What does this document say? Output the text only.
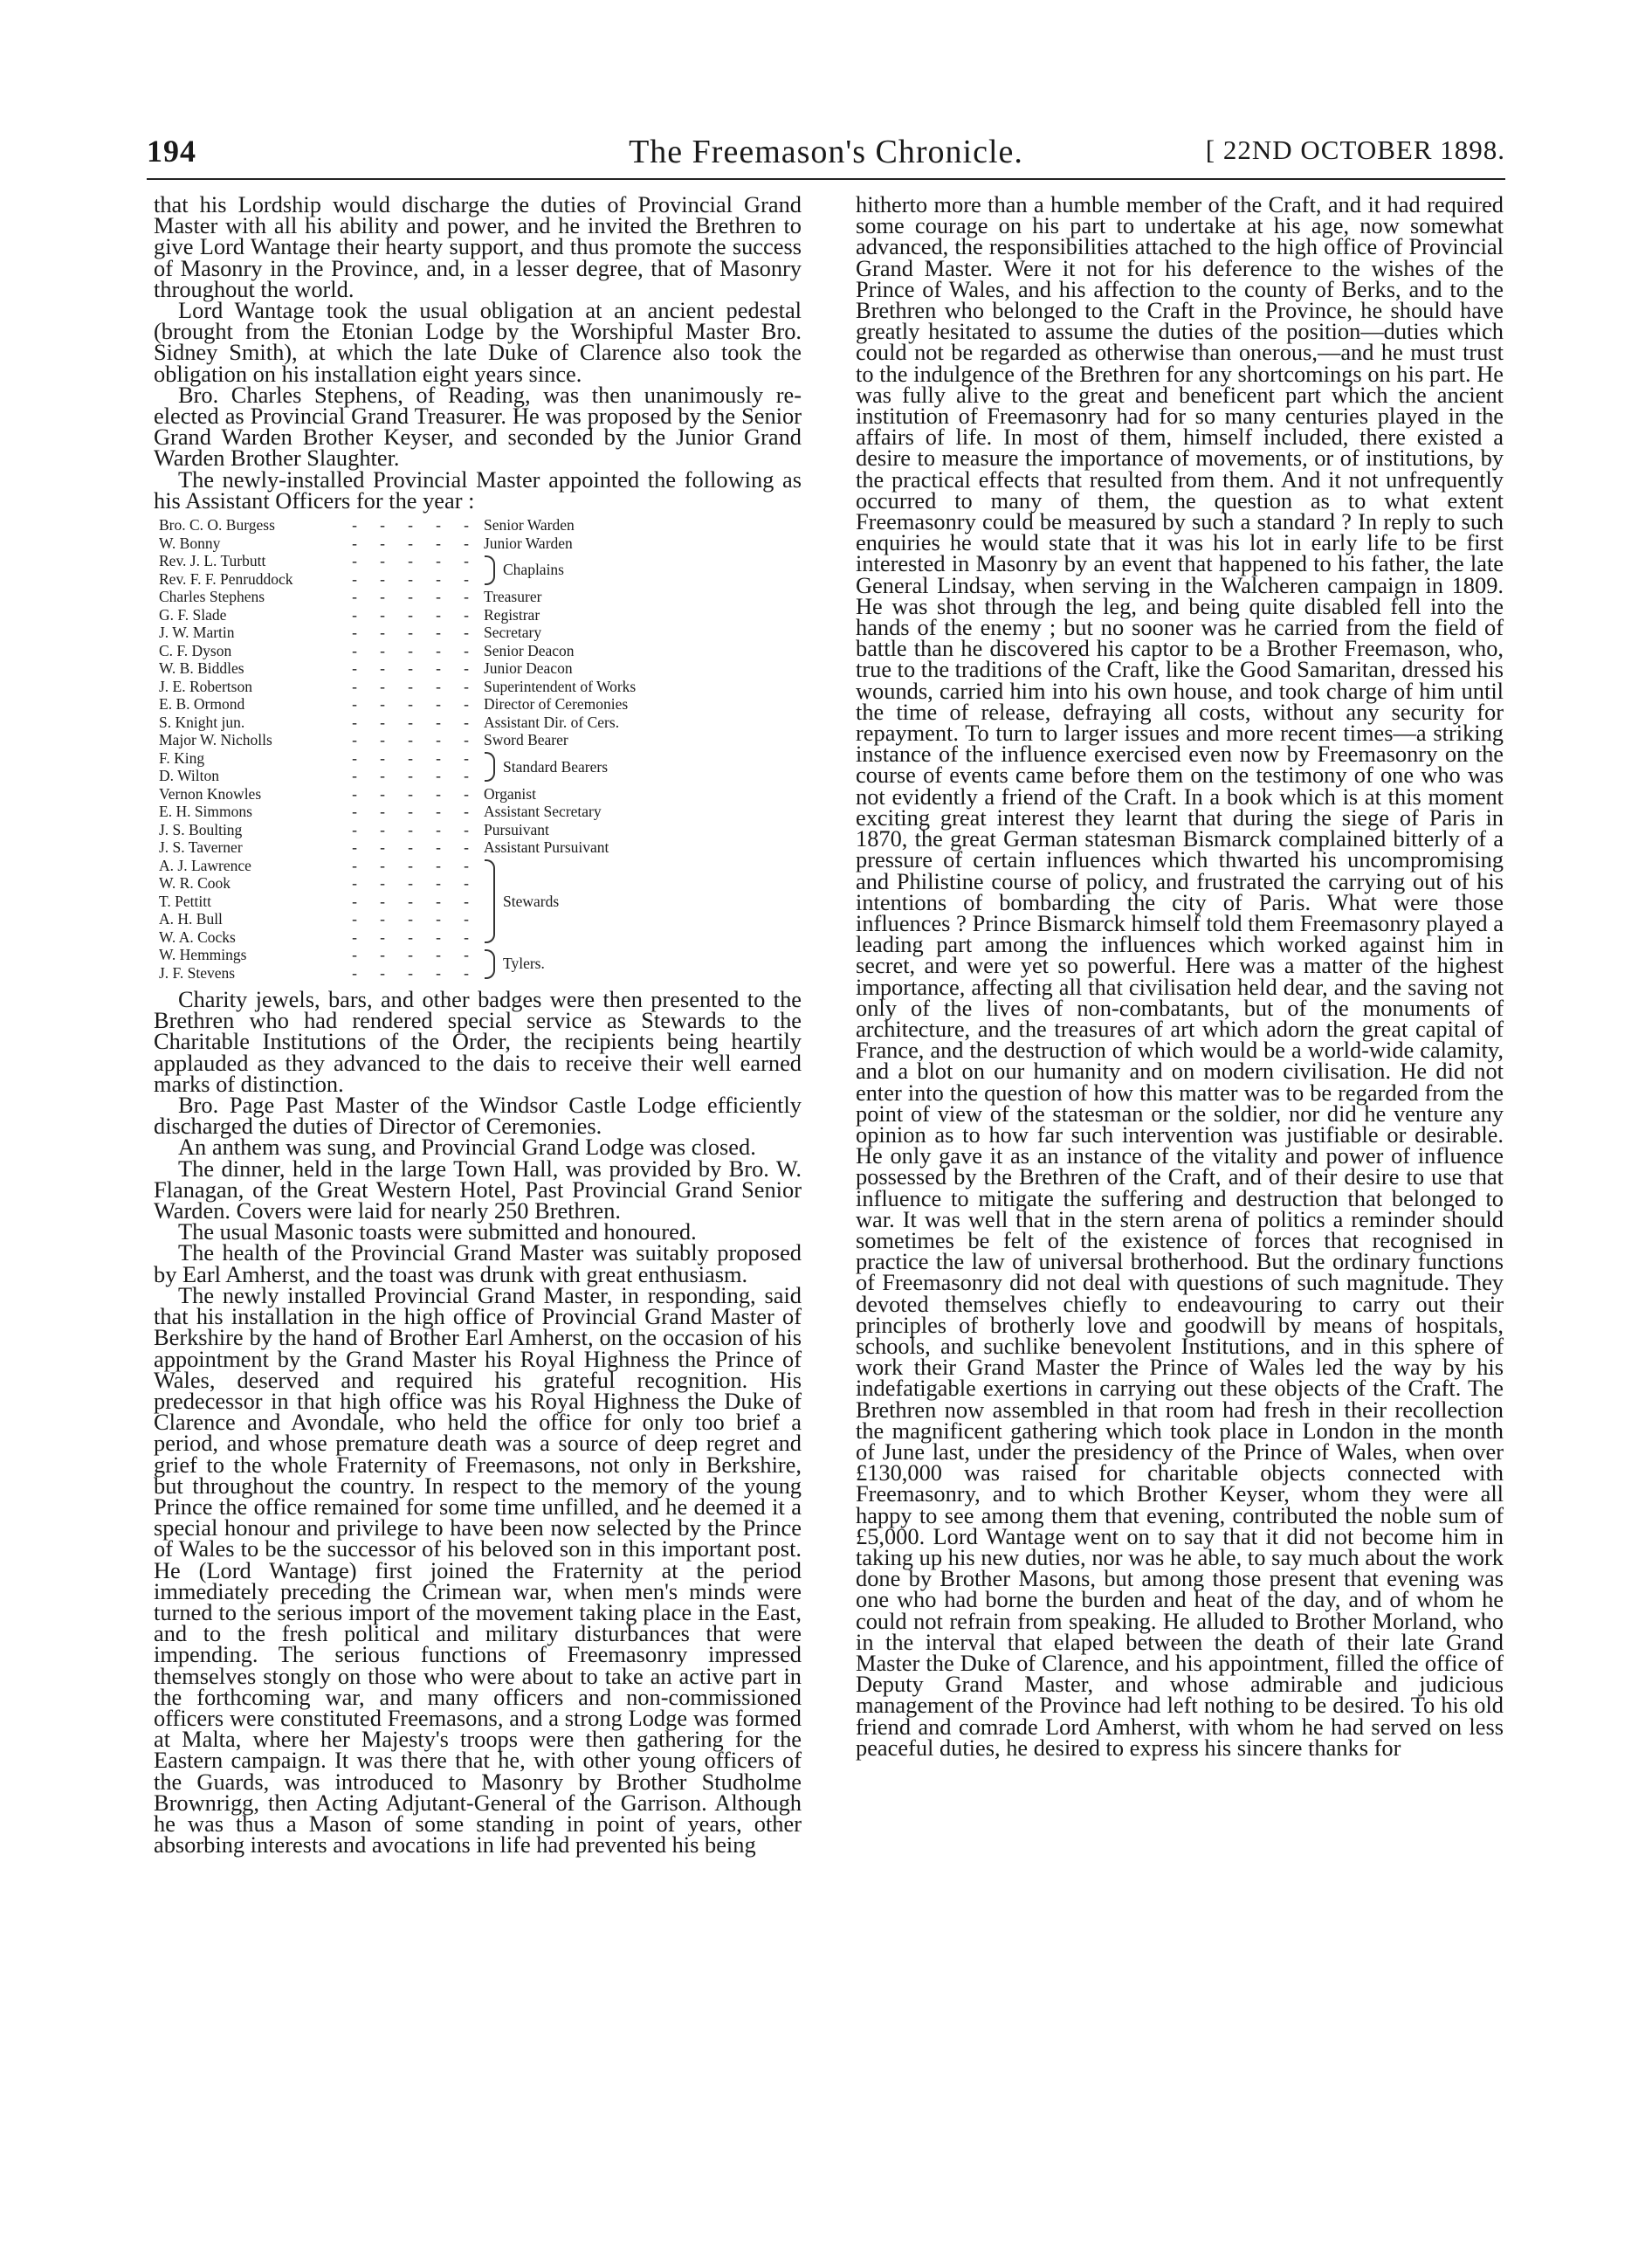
194	The Freemason's Chronicle.	[ 22ND OCTOBER 1898.

that his Lordship would discharge the duties of Provincial Grand Master with all his ability and power, and he invited the Brethren to give Lord Wantage their hearty support, and thus promote the success of Masonry in the Province, and, in a lesser degree, that of Masonry throughout the world.

Lord Wantage took the usual obligation at an ancient pedestal (brought from the Etonian Lodge by the Worshipful Master Bro. Sidney Smith), at which the late Duke of Clarence also took the obligation on his installation eight years since.

Bro. Charles Stephens, of Reading, was then unanimously re-elected as Provincial Grand Treasurer. He was proposed by the Senior Grand Warden Brother Keyser, and seconded by the Junior Grand Warden Brother Slaughter.

The newly-installed Provincial Master appointed the following as his Assistant Officers for the year :

Bro. C. O. Burgess	-	-	-	-	- Senior Warden
W. Bonny	-	-	-	-	- Junior Warden
Rev. J. L. Turbutt	-	-	-	-	-
Rev. F. F. Penruddock	-	-	-	-	-
Chaplains
Charles Stephens	-	-	-	-	- Treasurer
G. F. Slade	-	-	-	-	- Registrar
J. W. Martin	-	-	-	-	- Secretary
C. F. Dyson	-	-	-	-	- Senior Deacon
W. B. Biddles	-	-	-	-	- Junior Deacon
J. E. Robertson	-	-	-	-	- Superintendent of Works
E. B. Ormond	-	-	-	-	- Director of Ceremonies
S. Knight jun.	-	-	-	-	- Assistant Dir. of Cers.
Major W. Nicholls	-	-	-	-	- Sword Bearer
F. King	-	-	-	-	-
D. Wilton	-	-	-	-	-
Standard Bearers
Vernon Knowles	-	-	-	-	- Organist
E. H. Simmons	-	-	-	-	- Assistant Secretary
J. S. Boulting	-	-	-	-	- Pursuivant
J. S. Taverner	-	-	-	-	- Assistant Pursuivant
A. J. Lawrence	-	-	-	-	-
W. R. Cook	-	-	-	-	-
T. Pettitt	-	-	-	-	-
A. H. Bull	-	-	-	-	-
W. A. Cocks	-	-	-	-	-
Stewards
W. Hemmings	-	-	-	-	-
J. F. Stevens	-	-	-	-	-
Tylers.

Charity jewels, bars, and other badges were then presented to the Brethren who had rendered special service as Stewards to the Charitable Institutions of the Order, the recipients being heartily applauded as they advanced to the dais to receive their well earned marks of distinction.

Bro. Page Past Master of the Windsor Castle Lodge efficiently discharged the duties of Director of Ceremonies.

An anthem was sung, and Provincial Grand Lodge was closed.

The dinner, held in the large Town Hall, was provided by Bro. W. Flanagan, of the Great Western Hotel, Past Provincial Grand Senior Warden. Covers were laid for nearly 250 Brethren.

The usual Masonic toasts were submitted and honoured.

The health of the Provincial Grand Master was suitably proposed by Earl Amherst, and the toast was drunk with great enthusiasm.

The newly installed Provincial Grand Master, in responding, said that his installation in the high office of Provincial Grand Master of Berkshire by the hand of Brother Earl Amherst, on the occasion of his appointment by the Grand Master his Royal Highness the Prince of Wales, deserved and required his grateful recognition. His predecessor in that high office was his Royal Highness the Duke of Clarence and Avondale, who held the office for only too brief a period, and whose premature death was a source of deep regret and grief to the whole Fraternity of Freemasons, not only in Berkshire, but throughout the country. In respect to the memory of the young Prince the office remained for some time unfilled, and he deemed it a special honour and privilege to have been now selected by the Prince of Wales to be the successor of his beloved son in this important post. He (Lord Wantage) first joined the Fraternity at the period immediately preceding the Crimean war, when men's minds were turned to the serious import of the movement taking place in the East, and to the fresh political and military disturbances that were impending. The serious functions of Freemasonry impressed themselves stongly on those who were about to take an active part in the forthcoming war, and many officers and non-commissioned officers were constituted Freemasons, and a strong Lodge was formed at Malta, where her Majesty's troops were then gathering for the Eastern campaign. It was there that he, with other young officers of the Guards, was introduced to Masonry by Brother Studholme Brownrigg, then Acting Adjutant-General of the Garrison. Although he was thus a Mason of some standing in point of years, other absorbing interests and avocations in life had prevented his being

hitherto more than a humble member of the Craft, and it had required some courage on his part to undertake at his age, now somewhat advanced, the responsibilities attached to the high office of Provincial Grand Master. Were it not for his deference to the wishes of the Prince of Wales, and his affection to the county of Berks, and to the Brethren who belonged to the Craft in the Province, he should have greatly hesitated to assume the duties of the position—duties which could not be regarded as otherwise than onerous,—and he must trust to the indulgence of the Brethren for any shortcomings on his part. He was fully alive to the great and beneficent part which the ancient institution of Freemasonry had for so many centuries played in the affairs of life. In most of them, himself included, there existed a desire to measure the importance of movements, or of institutions, by the practical effects that resulted from them. And it not unfrequently occurred to many of them, the question as to what extent Freemasonry could be measured by such a standard ? In reply to such enquiries he would state that it was his lot in early life to be first interested in Masonry by an event that happened to his father, the late General Lindsay, when serving in the Walcheren campaign in 1809. He was shot through the leg, and being quite disabled fell into the hands of the enemy ; but no sooner was he carried from the field of battle than he discovered his captor to be a Brother Freemason, who, true to the traditions of the Craft, like the Good Samaritan, dressed his wounds, carried him into his own house, and took charge of him until the time of release, defraying all costs, without any security for repayment. To turn to larger issues and more recent times—a striking instance of the influence exercised even now by Freemasonry on the course of events came before them on the testimony of one who was not evidently a friend of the Craft. In a book which is at this moment exciting great interest they learnt that during the siege of Paris in 1870, the great German statesman Bismarck complained bitterly of a pressure of certain influences which thwarted his uncompromising and Philistine course of policy, and frustrated the carrying out of his intentions of bombarding the city of Paris. What were those influences ? Prince Bismarck himself told them Freemasonry played a leading part among the influences which worked against him in secret, and were yet so powerful. Here was a matter of the highest importance, affecting all that civilisation held dear, and the saving not only of the lives of non-combatants, but of the monuments of architecture, and the treasures of art which adorn the great capital of France, and the destruction of which would be a world-wide calamity, and a blot on our humanity and on modern civilisation. He did not enter into the question of how this matter was to be regarded from the point of view of the statesman or the soldier, nor did he venture any opinion as to how far such intervention was justifiable or desirable. He only gave it as an instance of the vitality and power of influence possessed by the Brethren of the Craft, and of their desire to use that influence to mitigate the suffering and destruction that belonged to war. It was well that in the stern arena of politics a reminder should sometimes be felt of the existence of forces that recognised in practice the law of universal brotherhood. But the ordinary functions of Freemasonry did not deal with questions of such magnitude. They devoted themselves chiefly to endeavouring to carry out their principles of brotherly love and goodwill by means of hospitals, schools, and suchlike benevolent Institutions, and in this sphere of work their Grand Master the Prince of Wales led the way by his indefatigable exertions in carrying out these objects of the Craft. The Brethren now assembled in that room had fresh in their recollection the magnificent gathering which took place in London in the month of June last, under the presidency of the Prince of Wales, when over £130,000 was raised for charitable objects connected with Freemasonry, and to which Brother Keyser, whom they were all happy to see among them that evening, contributed the noble sum of £5,000. Lord Wantage went on to say that it did not become him in taking up his new duties, nor was he able, to say much about the work done by Brother Masons, but among those present that evening was one who had borne the burden and heat of the day, and of whom he could not refrain from speaking. He alluded to Brother Morland, who in the interval that elaped between the death of their late Grand Master the Duke of Clarence, and his appointment, filled the office of Deputy Grand Master, and whose admirable and judicious management of the Province had left nothing to be desired. To his old friend and comrade Lord Amherst, with whom he had served on less peaceful duties, he desired to express his sincere thanks for
